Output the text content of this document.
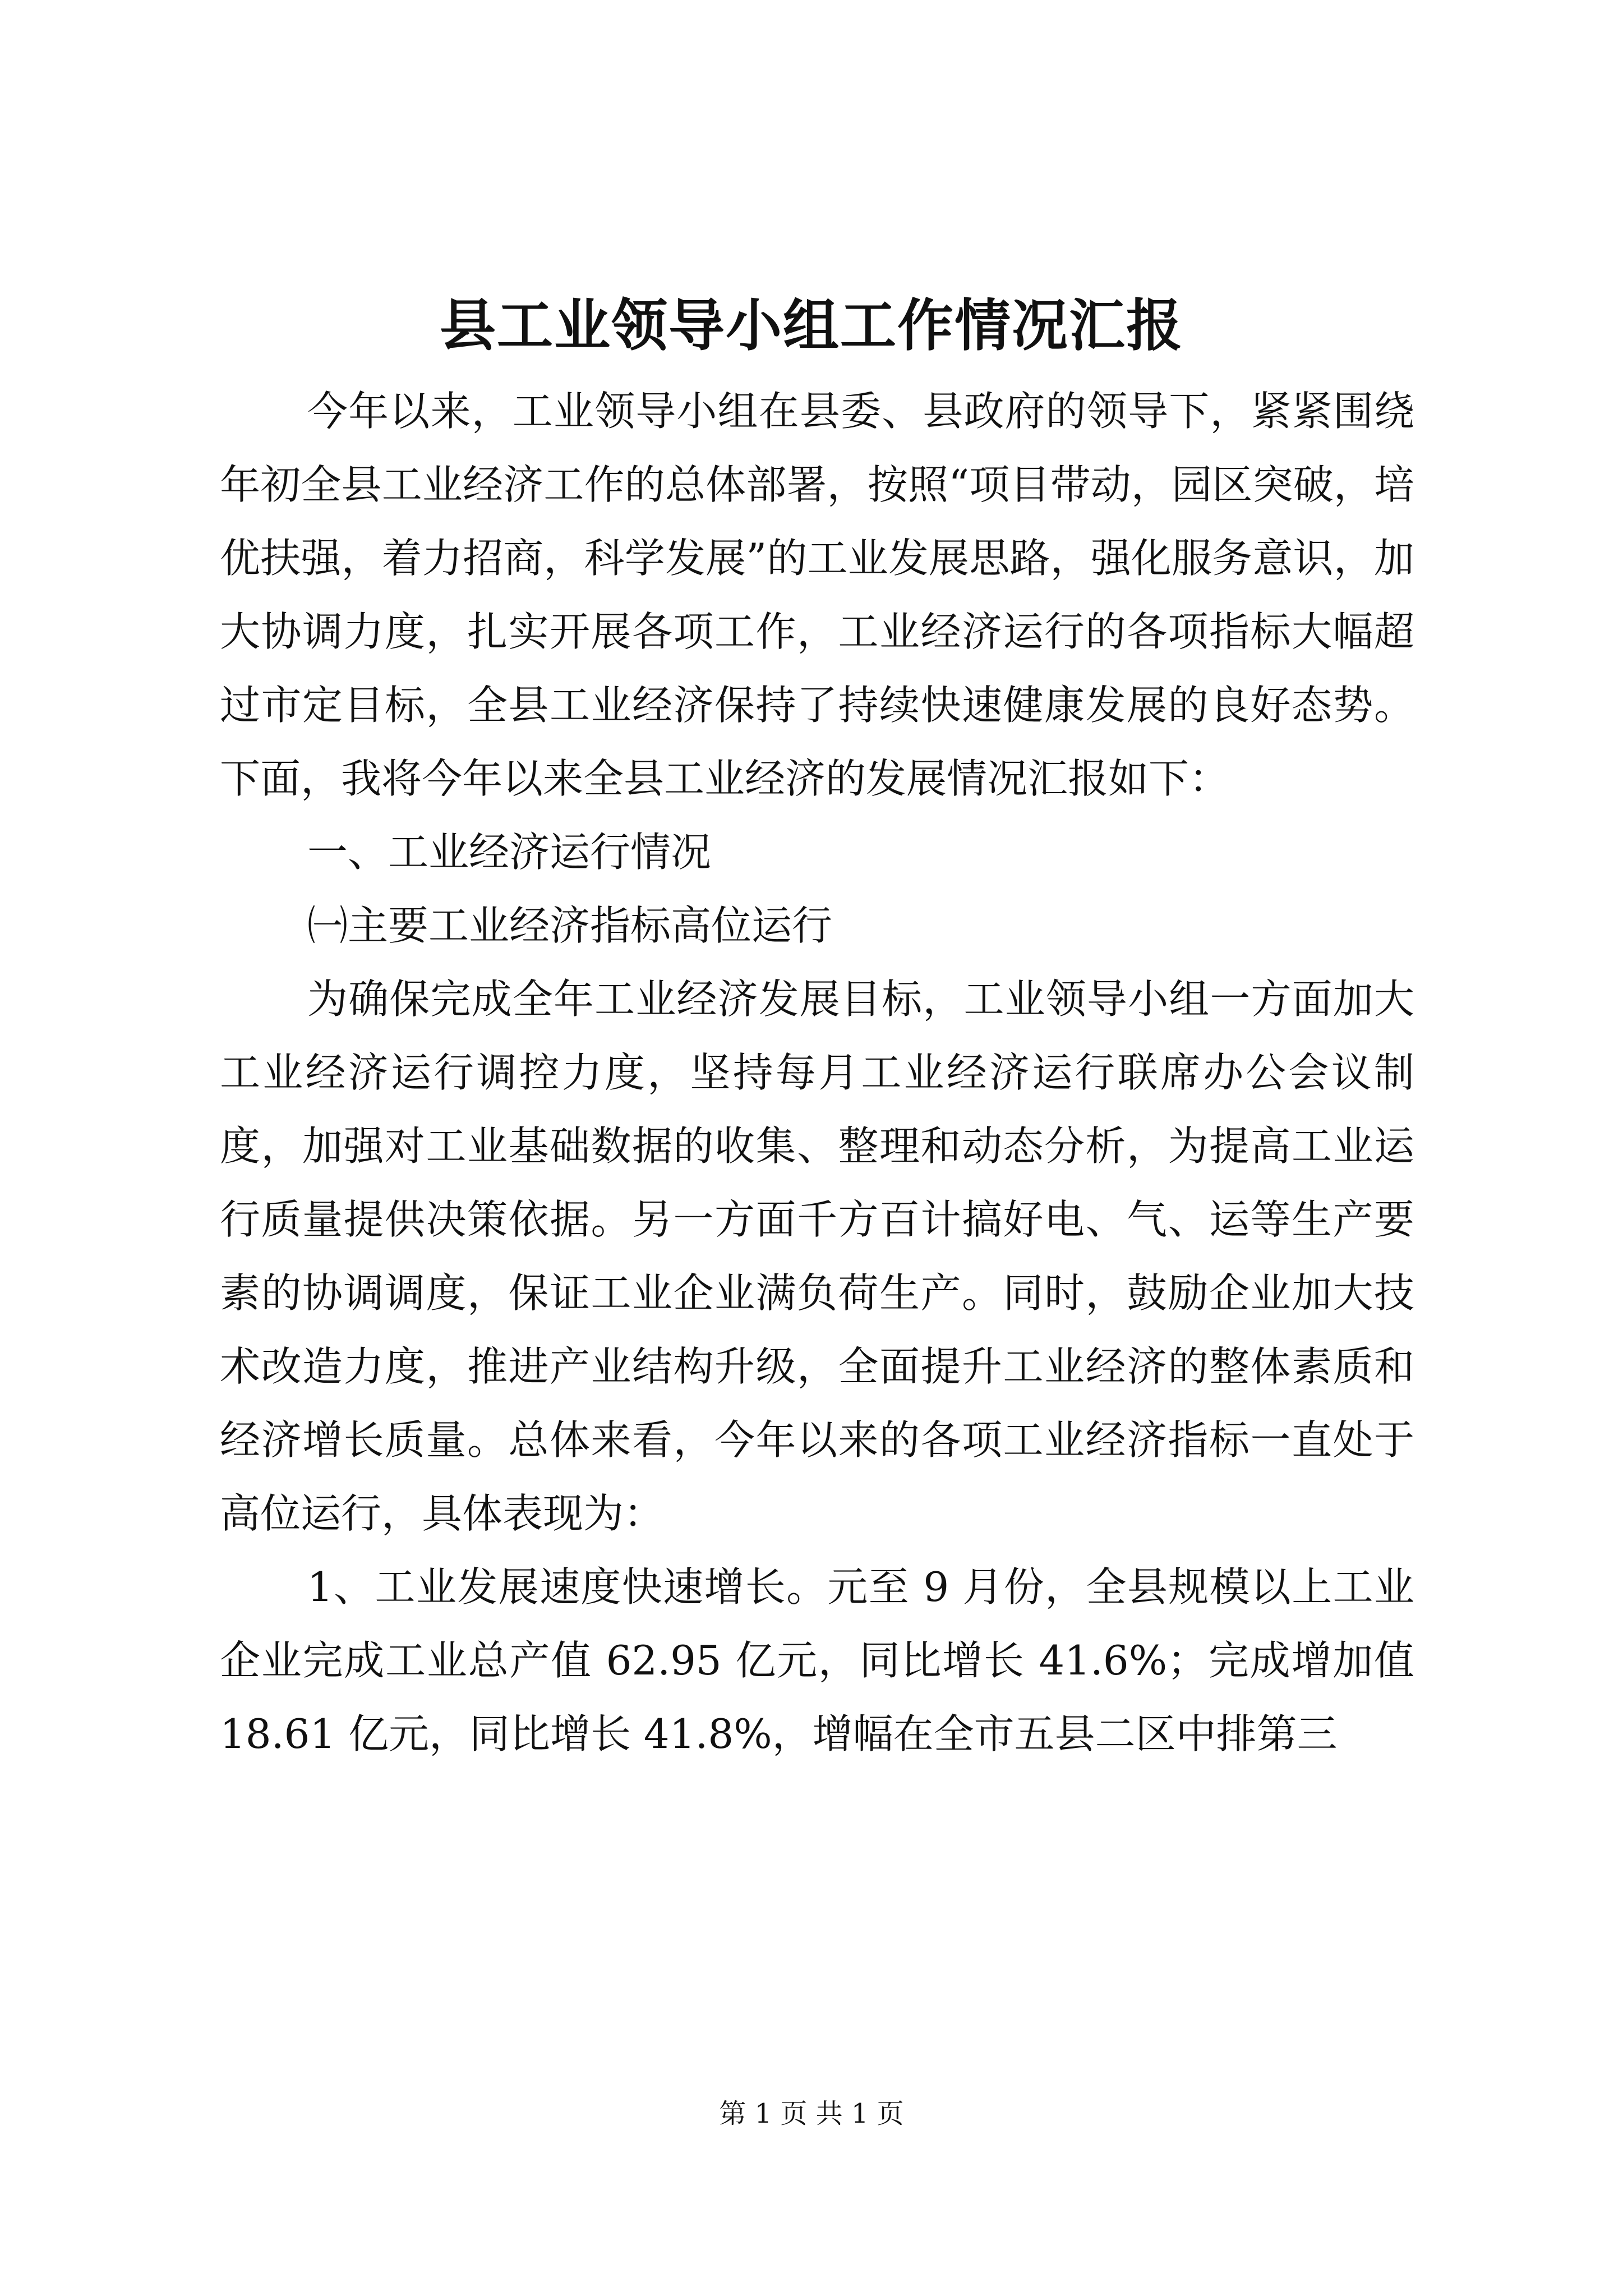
县工业领导小组工作情况汇报

今年以来，工业领导小组在县委、县政府的领导下，紧紧围绕年初全县工业经济工作的总体部署，按照“项目带动，园区突破，培优扶强，着力招商，科学发展”的工业发展思路，强化服务意识，加大协调力度，扎实开展各项工作，工业经济运行的各项指标大幅超过市定目标，全县工业经济保持了持续快速健康发展的良好态势。下面，我将今年以来全县工业经济的发展情况汇报如下：

一、工业经济运行情况

㈠主要工业经济指标高位运行

为确保完成全年工业经济发展目标，工业领导小组一方面加大工业经济运行调控力度，坚持每月工业经济运行联席办公会议制度，加强对工业基础数据的收集、整理和动态分析，为提高工业运行质量提供决策依据。另一方面千方百计搞好电、气、运等生产要素的协调调度，保证工业企业满负荷生产。同时，鼓励企业加大技术改造力度，推进产业结构升级，全面提升工业经济的整体素质和经济增长质量。总体来看，今年以来的各项工业经济指标一直处于高位运行，具体表现为：

1、工业发展速度快速增长。元至 9 月份，全县规模以上工业企业完成工业总产值 62.95 亿元，同比增长 41.6%；完成增加值 18.61 亿元，同比增长 41.8%，增幅在全市五县二区中排第三

第 1 页 共 1 页
